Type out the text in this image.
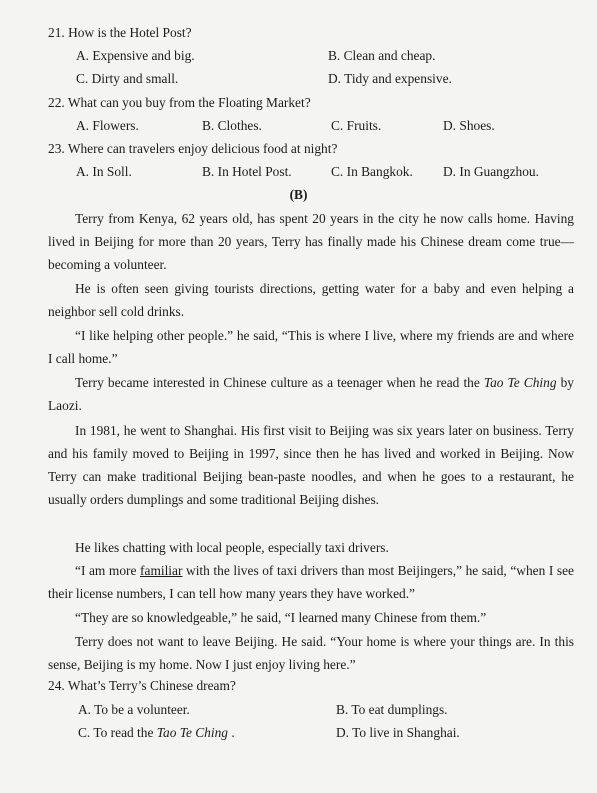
21. How is the Hotel Post?
A. Expensive and big.	B. Clean and cheap.
C. Dirty and small.	D. Tidy and expensive.
22. What can you buy from the Floating Market?
A. Flowers.	B. Clothes.	C. Fruits.	D. Shoes.
23. Where can travelers enjoy delicious food at night?
A. In Soll.	B. In Hotel Post.	C. In Bangkok. D. In Guangzhou.
(B)
Terry from Kenya, 62 years old, has spent 20 years in the city he now calls home. Having lived in Beijing for more than 20 years, Terry has finally made his Chinese dream come true—becoming a volunteer.
He is often seen giving tourists directions, getting water for a baby and even helping a neighbor sell cold drinks.
“I like helping other people.” he said, “This is where I live, where my friends are and where I call home.”
Terry became interested in Chinese culture as a teenager when he read the Tao Te Ching by Laozi.
In 1981, he went to Shanghai. His first visit to Beijing was six years later on business. Terry and his family moved to Beijing in 1997, since then he has lived and worked in Beijing. Now Terry can make traditional Beijing bean-paste noodles, and when he goes to a restaurant, he usually orders dumplings and some traditional Beijing dishes.
He likes chatting with local people, especially taxi drivers.
“I am more familiar with the lives of taxi drivers than most Beijingers,” he said, “when I see their license numbers, I can tell how many years they have worked.”
“They are so knowledgeable,” he said, “I learned many Chinese from them.”
Terry does not want to leave Beijing. He said. “Your home is where your things are. In this sense, Beijing is my home. Now I just enjoy living here.”
24. What’s Terry’s Chinese dream?
A. To be a volunteer.	B. To eat dumplings.
C. To read the Tao Te Ching .	D. To live in Shanghai.
